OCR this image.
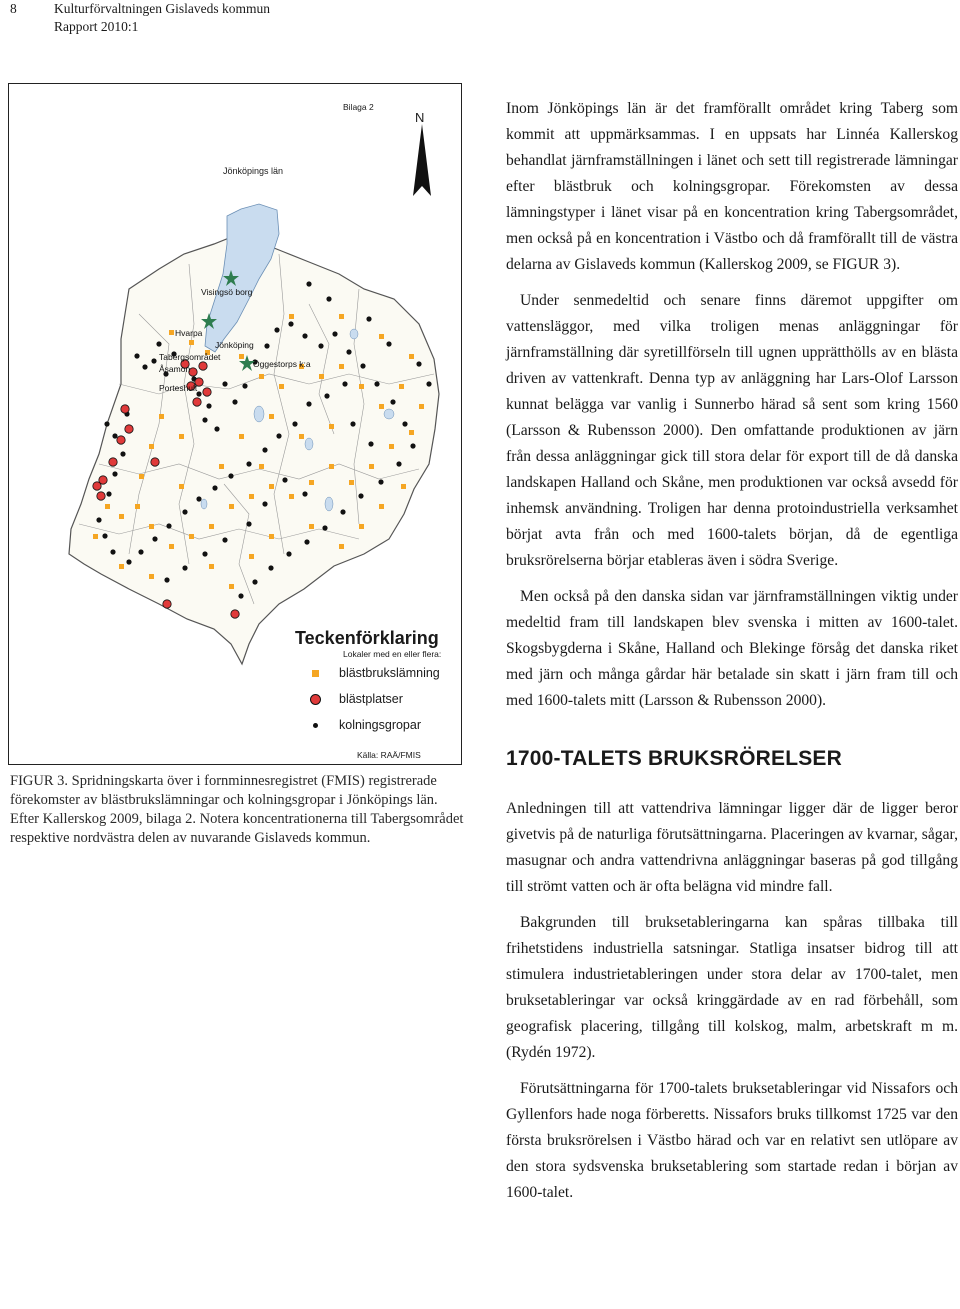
8	Kulturförvaltningen Gislaveds kommun
Rapport 2010:1
Bilaga 2
N
Jönköpings län
Visingsö borg
Hvarpa
Jönköping
Tabergsområdet
Öggestorps k:a
Åsamon
Porteshult
Teckenförklaring
Lokaler med en eller flera:
blästbrukslämning
blästplatser
kolningsgropar
Källa: RAÄ/FMIS
FIGUR 3. Spridningskarta över i fornminnesregistret (FMIS) registrerade förekomster av blästbrukslämningar och kolningsgropar i Jönköpings län. Efter Kallerskog 2009, bilaga 2. Notera koncentrationerna till Tabergsområdet respektive nordvästra delen av nuvarande Gislaveds kommun.

Inom Jönköpings län är det framförallt området kring Taberg som kommit att uppmärksammas. I en uppsats har Linnéa Kallerskog behandlat järnframställningen i länet och sett till registrerade lämningar efter blästbruk och kolningsgropar. Förekomsten av dessa lämningstyper i länet visar på en koncentration kring Tabergsområdet, men också på en koncentration i Västbo och då framförallt till de västra delarna av Gislaveds kommun (Kallerskog 2009, se FIGUR 3).

Under senmedeltid och senare finns däremot uppgifter om vattensläggor, med vilka troligen menas anläggningar för järnframställning där syretillförseln till ugnen upprätthölls av en blästa driven av vattenkraft. Denna typ av anläggning har Lars-Olof Larsson kunnat belägga var vanlig i Sunnerbo härad så sent som kring 1560 (Larsson & Rubensson 2000). Den omfattande produktionen av järn från dessa anläggningar gick till stora delar för export till de då danska landskapen Halland och Skåne, men produktionen var också avsedd för inhemsk användning. Troligen har denna protoindustriella verksamhet börjat avta från och med 1600-talets början, då de egentliga bruksrörelserna börjar etableras även i södra Sverige.

Men också på den danska sidan var järnframställningen viktig under medeltid fram till landskapen blev svenska i mitten av 1600-talet. Skogsbygderna i Skåne, Halland och Blekinge försåg det danska riket med järn och många gårdar här betalade sin skatt i järn fram till och med 1600-talets mitt (Larsson & Rubensson 2000).

1700-TALETS BRUKSRÖRELSER

Anledningen till att vattendriva lämningar ligger där de ligger beror givetvis på de naturliga förutsättningarna. Placeringen av kvarnar, sågar, masugnar och andra vattendrivna anläggningar baseras på god tillgång till strömt vatten och är ofta belägna vid mindre fall.

Bakgrunden till bruksetableringarna kan spåras tillbaka till frihetstidens industriella satsningar. Statliga insatser bidrog till att stimulera industrietableringen under stora delar av 1700-talet, men bruksetableringar var också kringgärdade av en rad förbehåll, som geografisk placering, tillgång till kolskog, malm, arbetskraft m m. (Rydén 1972).

Förutsättningarna för 1700-talets bruksetableringar vid Nissafors och Gyllenfors hade noga förberetts. Nissafors bruks tillkomst 1725 var den första bruksrörelsen i Västbo härad och var en relativt sen utlöpare av den stora sydsvenska bruksetablering som startade redan i början av 1600-talet.
